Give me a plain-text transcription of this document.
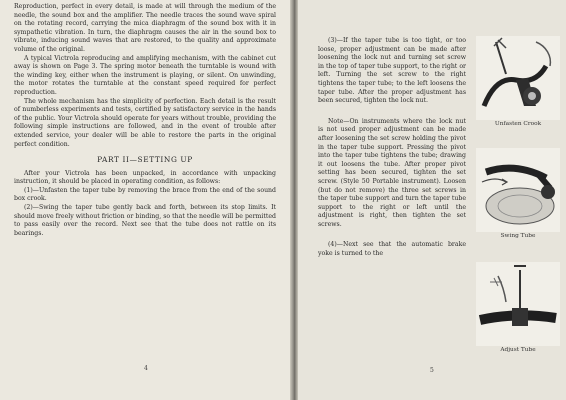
Reproduction, perfect in every detail, is made at will through the medium of the needle, the sound box and the amplifier. The needle traces the sound wave spiral on the rotating record, carrying the mica diaphragm of the sound box with it in sympathetic vibration. In turn, the diaphragm causes the air in the sound box to vibrate, inducing sound waves that are restored, to the quality and approximate volume of the original.

A typical Victrola reproducing and amplifying mechanism, with the cabinet cut away is shown on Page 3. The spring motor beneath the turntable is wound with the winding key, either when the instrument is playing, or silent. On unwinding, the motor rotates the turntable at the constant speed required for perfect reproduction.

The whole mechanism has the simplicity of perfection. Each detail is the result of numberless experiments and tests, certified by satisfactory service in the hands of the public. Your Victrola should operate for years without trouble, providing the following simple instructions are followed, and in the event of trouble after extended service, your dealer will be able to restore the parts in the original perfect condition.

PART II—SETTING UP

After your Victrola has been unpacked, in accordance with unpacking instruction, it should be placed in operating condition, as follows:

(1)—Unfasten the taper tube by removing the brace from the end of the sound box crook.

(2)—Swing the taper tube gently back and forth, between its stop limits. It should move freely without friction or binding, so that the needle will be permitted to pass easily over the record. Next see that the tube does not rattle on its bearings.

4

(3)—If the taper tube is too tight, or too loose, proper adjustment can be made after loosening the lock nut and turning set screw in the top of taper tube support, to the right or left. Turning the set screw to the right tightens the taper tube; to the left loosens the taper tube. After the proper adjustment has been secured, tighten the lock nut.

Note—On instruments where the lock nut is not used proper adjustment can be made after loosening the set screw holding the pivot in the taper tube support. Pressing the pivot into the taper tube tightens the tube; drawing it out loosens the tube. After proper pivot setting has been secured, tighten the set screw. (Style 50 Portable instrument). Loosen (but do not remove) the three set screws in the taper tube support and turn the taper tube support to the right or left until the adjustment is right, then tighten the set screws.

(4)—Next see that the automatic brake yoke is turned to the

Unfasten Crook
Swing Tube
Adjust Tube
5
